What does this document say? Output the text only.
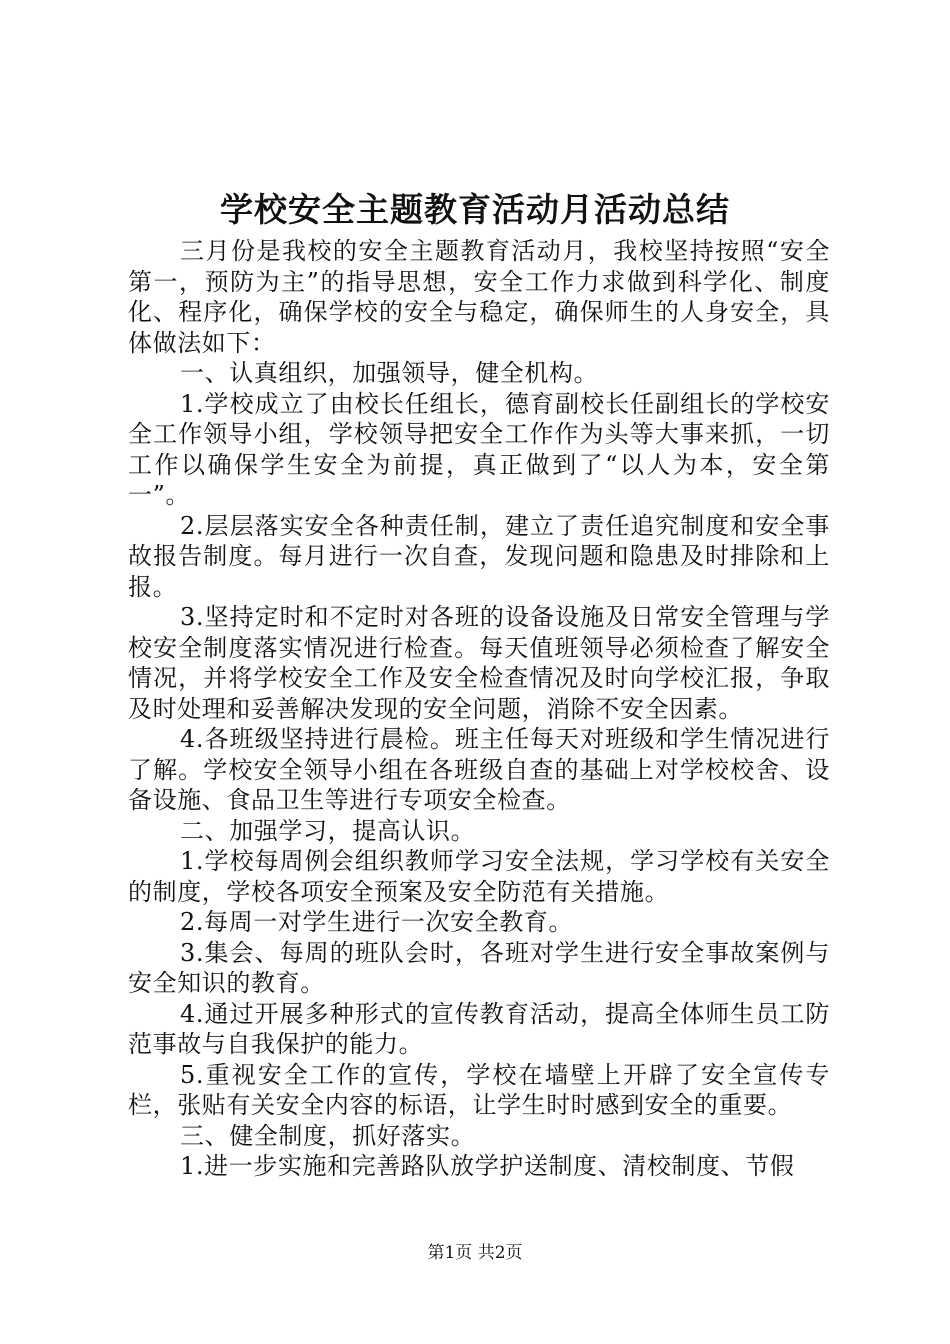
学校安全主题教育活动月活动总结

三月份是我校的安全主题教育活动月，我校坚持按照“安全第一，预防为主”的指导思想，安全工作力求做到科学化、制度化、程序化，确保学校的安全与稳定，确保师生的人身安全，具体做法如下：

一、认真组织，加强领导，健全机构。

1.学校成立了由校长任组长，德育副校长任副组长的学校安全工作领导小组，学校领导把安全工作作为头等大事来抓，一切工作以确保学生安全为前提，真正做到了“以人为本，安全第一”。

2.层层落实安全各种责任制，建立了责任追究制度和安全事故报告制度。每月进行一次自查，发现问题和隐患及时排除和上报。

3.坚持定时和不定时对各班的设备设施及日常安全管理与学校安全制度落实情况进行检查。每天值班领导必须检查了解安全情况，并将学校安全工作及安全检查情况及时向学校汇报，争取及时处理和妥善解决发现的安全问题，消除不安全因素。

4.各班级坚持进行晨检。班主任每天对班级和学生情况进行了解。学校安全领导小组在各班级自查的基础上对学校校舍、设备设施、食品卫生等进行专项安全检查。

二、加强学习，提高认识。

1.学校每周例会组织教师学习安全法规，学习学校有关安全的制度，学校各项安全预案及安全防范有关措施。

2.每周一对学生进行一次安全教育。

3.集会、每周的班队会时，各班对学生进行安全事故案例与安全知识的教育。

4.通过开展多种形式的宣传教育活动，提高全体师生员工防范事故与自我保护的能力。

5.重视安全工作的宣传，学校在墙壁上开辟了安全宣传专栏，张贴有关安全内容的标语，让学生时时感到安全的重要。

三、健全制度，抓好落实。

1.进一步实施和完善路队放学护送制度、清校制度、节假

第1页 共2页
